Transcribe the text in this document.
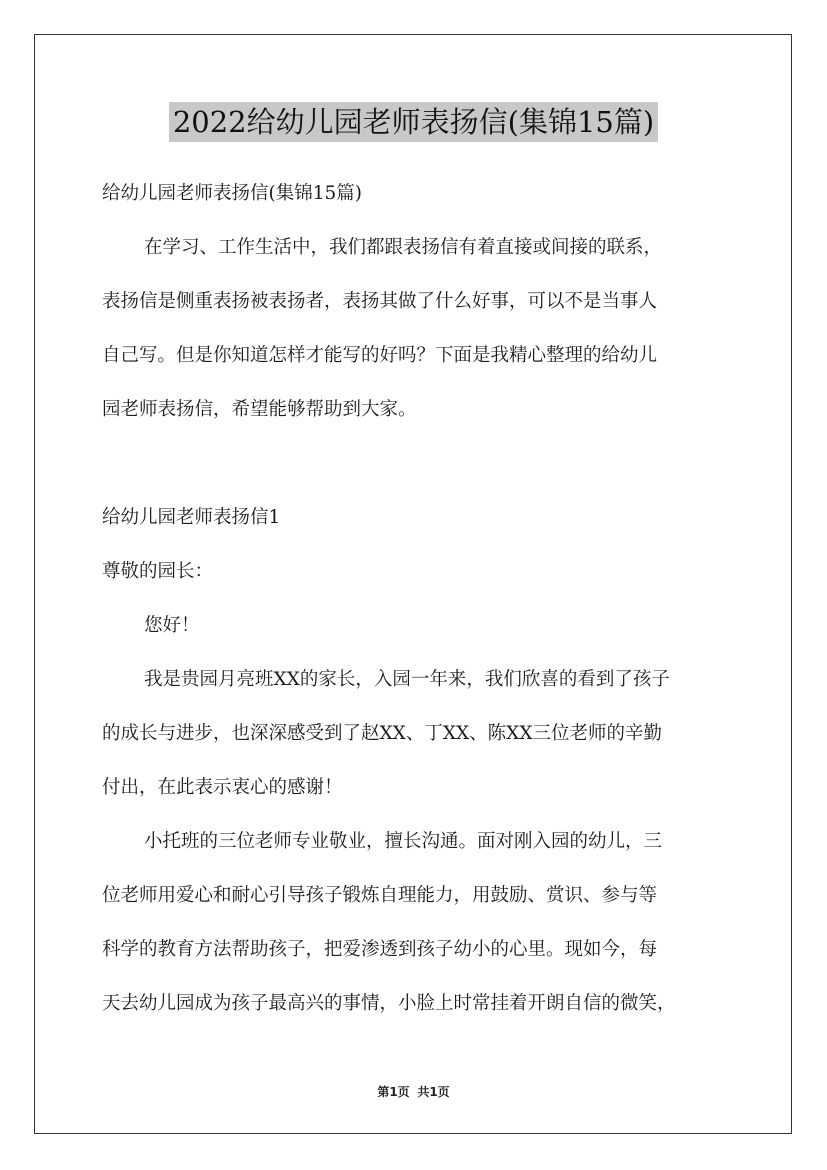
2022给幼儿园老师表扬信(集锦15篇)

给幼儿园老师表扬信(集锦15篇)

在学习、工作生活中，我们都跟表扬信有着直接或间接的联系，

表扬信是侧重表扬被表扬者，表扬其做了什么好事，可以不是当事人

自己写。但是你知道怎样才能写的好吗？下面是我精心整理的给幼儿

园老师表扬信，希望能够帮助到大家。

给幼儿园老师表扬信1

尊敬的园长：

您好！

我是贵园月亮班XX的家长，入园一年来，我们欣喜的看到了孩子

的成长与进步，也深深感受到了赵XX、丁XX、陈XX三位老师的辛勤

付出，在此表示衷心的感谢！

小托班的三位老师专业敬业，擅长沟通。面对刚入园的幼儿，三

位老师用爱心和耐心引导孩子锻炼自理能力，用鼓励、赏识、参与等

科学的教育方法帮助孩子，把爱渗透到孩子幼小的心里。现如今，每

天去幼儿园成为孩子最高兴的事情，小脸上时常挂着开朗自信的微笑，

第1页 共1页
